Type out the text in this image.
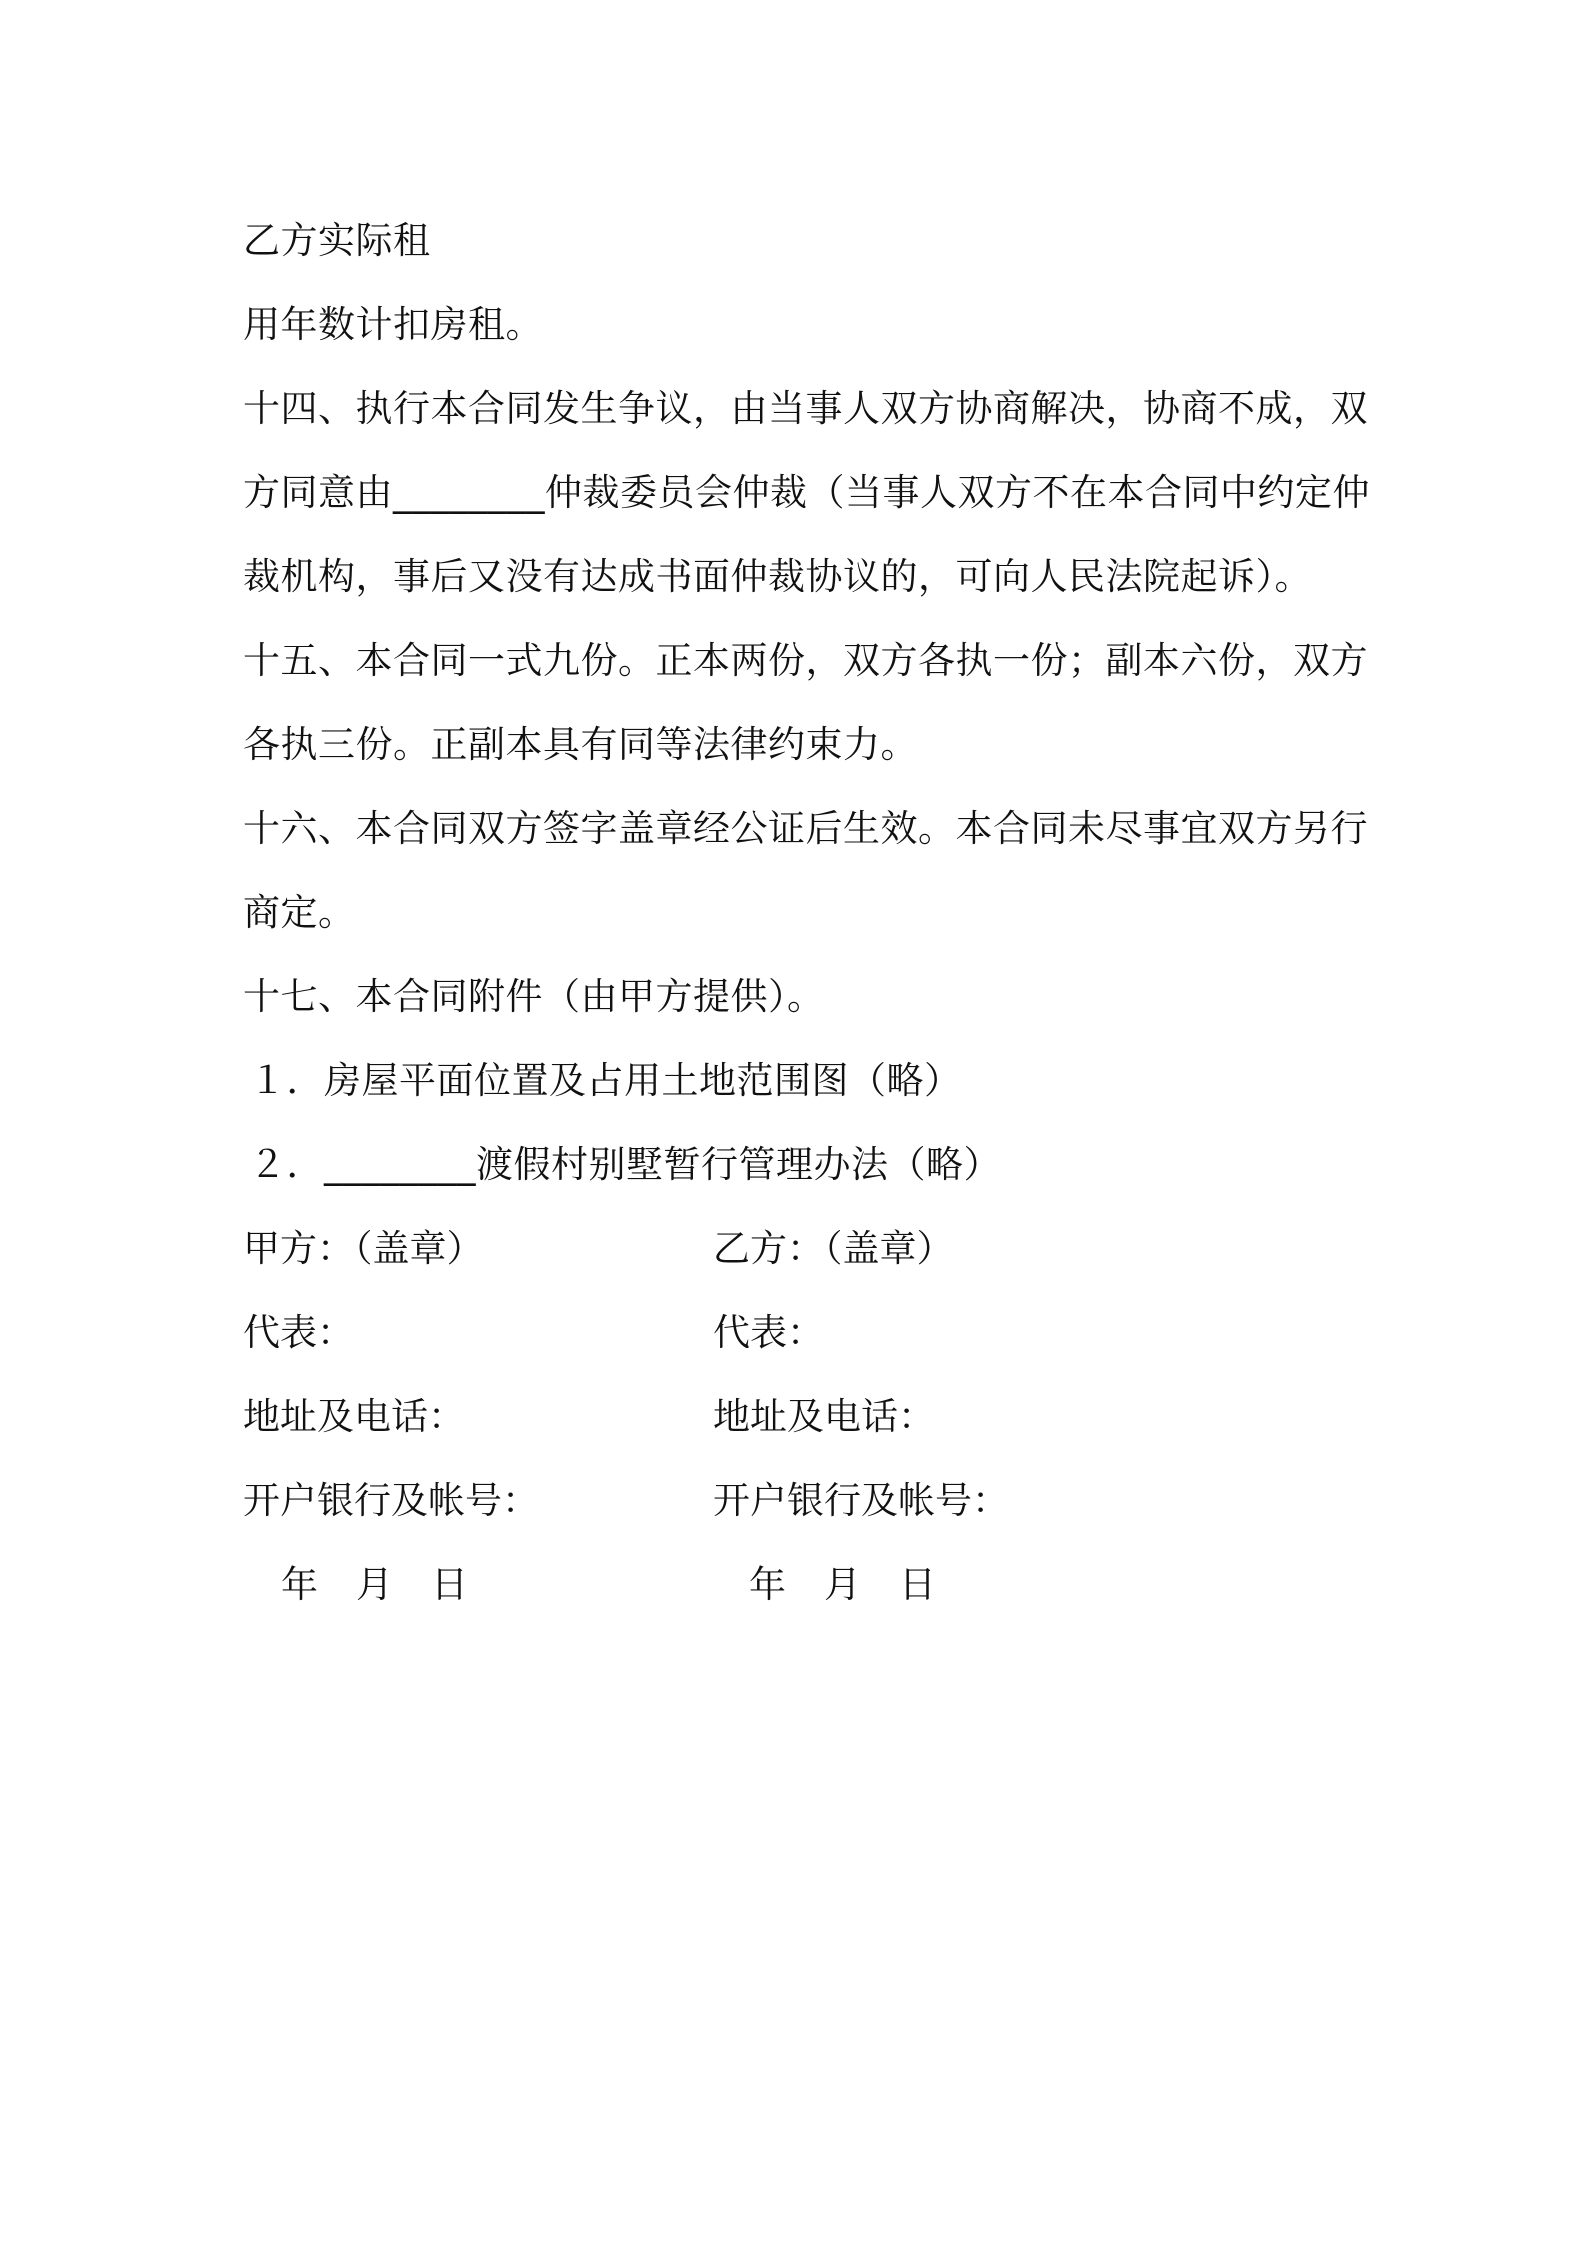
乙方实际租
用年数计扣房租。
十四、执行本合同发生争议，由当事人双方协商解决，协商不成，双
方同意由________仲裁委员会仲裁（当事人双方不在本合同中约定仲
裁机构，事后又没有达成书面仲裁协议的，可向人民法院起诉）。
十五、本合同一式九份。正本两份，双方各执一份；副本六份，双方
各执三份。正副本具有同等法律约束力。
十六、本合同双方签字盖章经公证后生效。本合同未尽事宜双方另行
商定。
十七、本合同附件（由甲方提供）。
１．房屋平面位置及占用土地范围图（略）
２．________渡假村别墅暂行管理办法（略）
甲方：（盖章）	乙方：（盖章）
代表：	代表：
地址及电话：	地址及电话：
开户银行及帐号：	开户银行及帐号：
年 月 日	年 月 日
